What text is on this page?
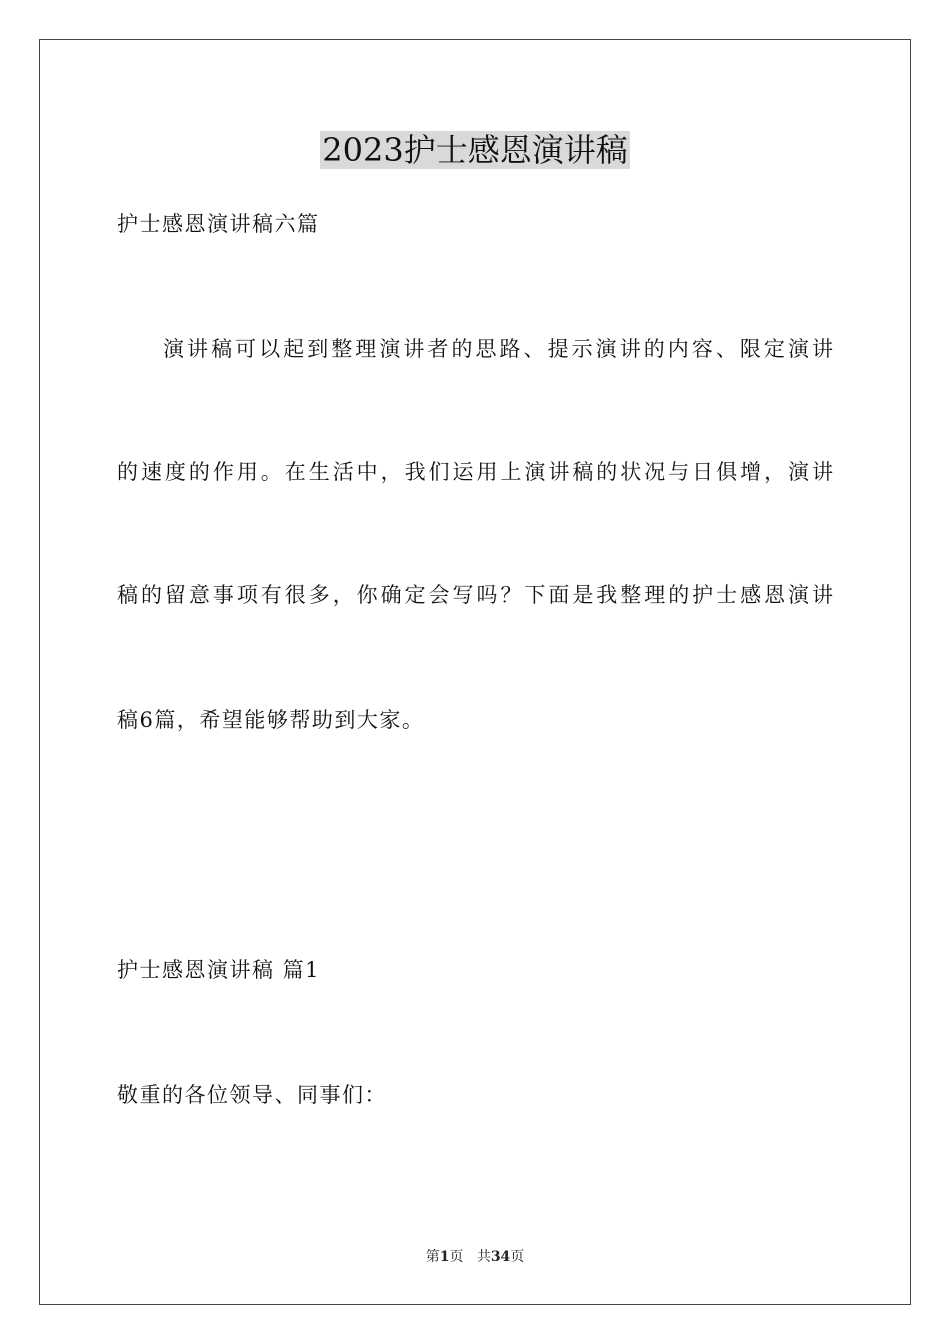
2023护士感恩演讲稿

护士感恩演讲稿六篇

演讲稿可以起到整理演讲者的思路、提示演讲的内容、限定演讲

的速度的作用。在生活中，我们运用上演讲稿的状况与日俱增，演讲

稿的留意事项有很多，你确定会写吗？下面是我整理的护士感恩演讲

稿6篇，希望能够帮助到大家。

护士感恩演讲稿 篇1

敬重的各位领导、同事们：

第1页 共34页
